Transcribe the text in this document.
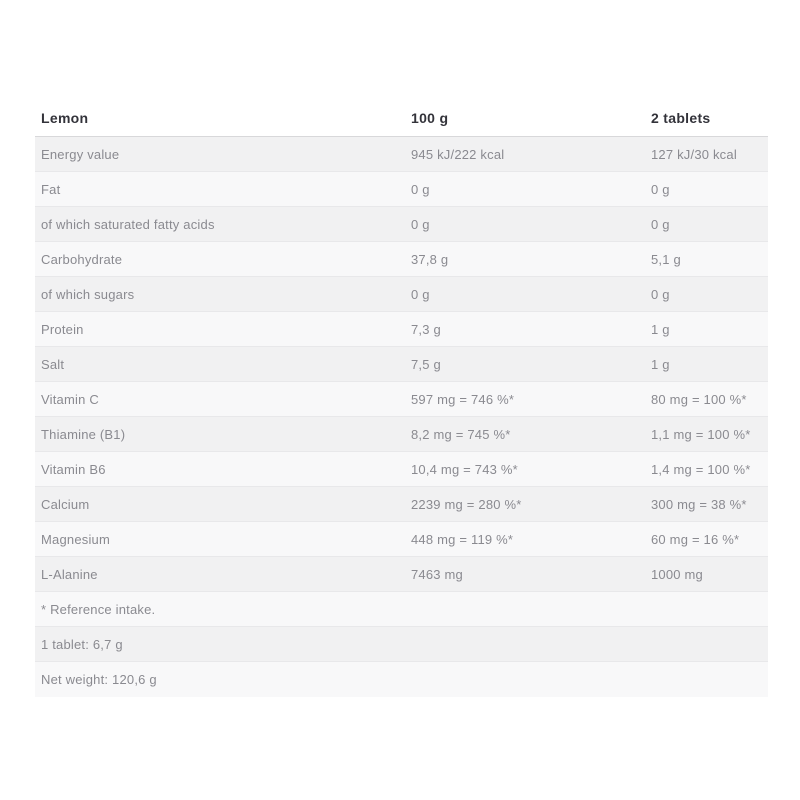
Lemon	100 g	2 tablets
Energy value	945 kJ/222 kcal	127 kJ/30 kcal
Fat	0 g	0 g
of which saturated fatty acids	0 g	0 g
Carbohydrate	37,8 g	5,1 g
of which sugars	0 g	0 g
Protein	7,3 g	1 g
Salt	7,5 g	1 g
Vitamin C	597 mg = 746 %*	80 mg = 100 %*
Thiamine (B1)	8,2 mg = 745 %*	1,1 mg = 100 %*
Vitamin B6	10,4 mg = 743 %*	1,4 mg = 100 %*
Calcium	2239 mg = 280 %*	300 mg = 38 %*
Magnesium	448 mg = 119 %*	60 mg = 16 %*
L-Alanine	7463 mg	1000 mg
* Reference intake.
1 tablet: 6,7 g
Net weight: 120,6 g
